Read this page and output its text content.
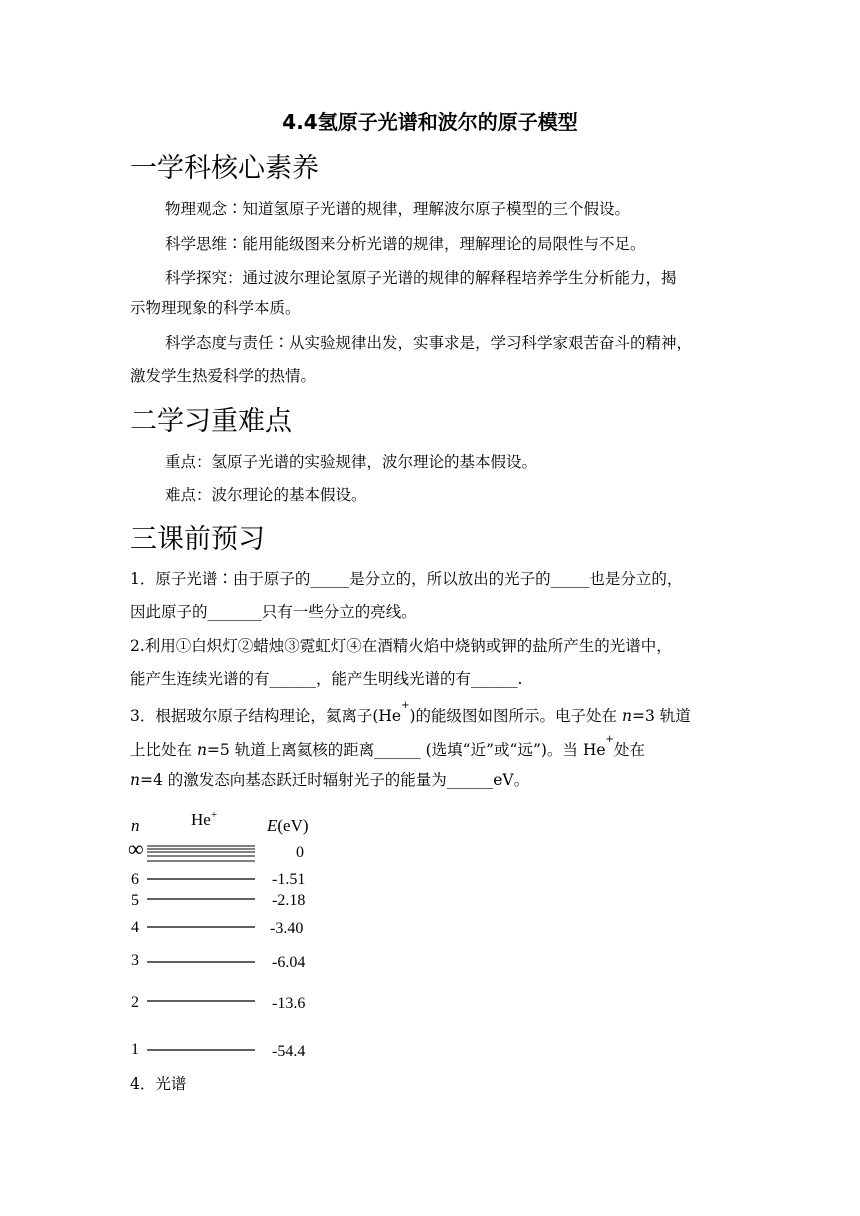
4.4氢原子光谱和波尔的原子模型
一学科核心素养
物理观念∶知道氢原子光谱的规律，理解波尔原子模型的三个假设。
科学思维∶能用能级图来分析光谱的规律，理解理论的局限性与不足。
科学探究：通过波尔理论氢原子光谱的规律的解释程培养学生分析能力，揭
示物理现象的科学本质。
科学态度与责任∶从实验规律出发，实事求是，学习科学家艰苦奋斗的精神，
激发学生热爱科学的热情。
二学习重难点
重点：氢原子光谱的实验规律，波尔理论的基本假设。
难点：波尔理论的基本假设。
三课前预习
1．原子光谱∶由于原子的_____是分立的，所以放出的光子的_____也是分立的，
因此原子的_______只有一些分立的亮线。
2.利用①白炽灯②蜡烛③霓虹灯④在酒精火焰中烧钠或钾的盐所产生的光谱中，
能产生连续光谱的有______，能产生明线光谱的有______.
3．根据玻尔原子结构理论，氦离子(He+)的能级图如图所示。电子处在 n=3 轨道
上比处在 n=5 轨道上离氦核的距离______ (选填“近”或“远”)。当 He+处在
n=4 的激发态向基态跃迁时辐射光子的能量为______eV。
n	He+
E(eV)
∞	0
6	-1.51
5	-2.18
4	-3.40
3	-6.04
2	-13.6
1	-54.4
4．光谱
